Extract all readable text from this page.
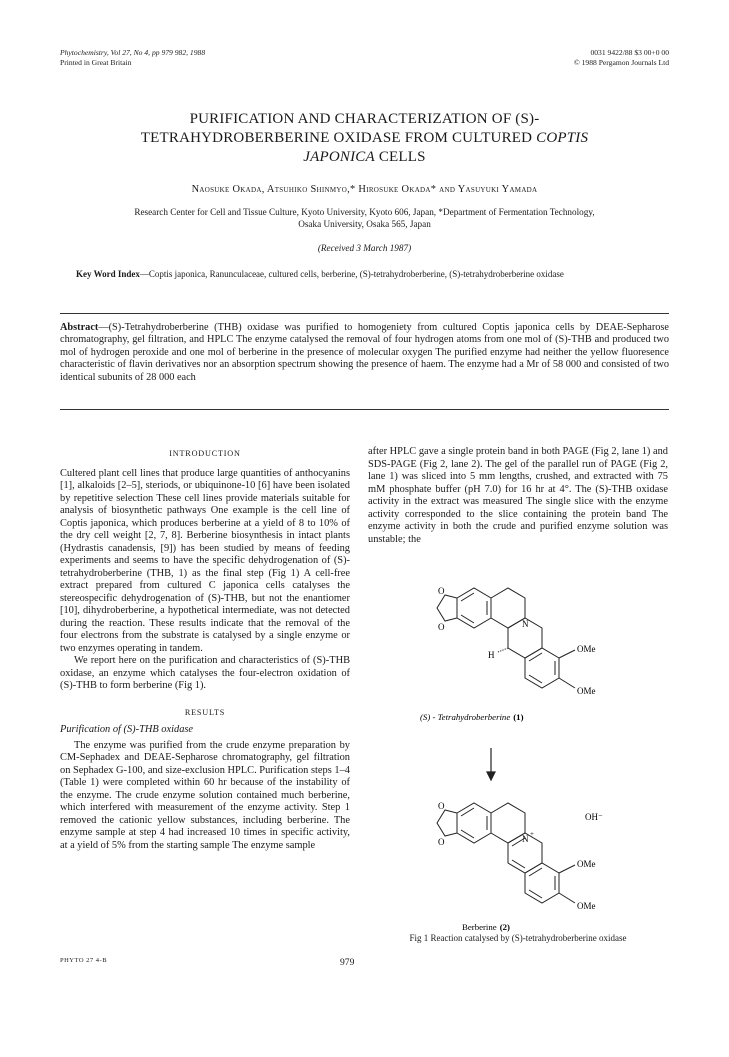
Phytochemistry, Vol 27, No 4, pp 979 982, 1988
Printed in Great Britain
0031 9422/88 $3 00+0 00
© 1988 Pergamon Journals Ltd
PURIFICATION AND CHARACTERIZATION OF (S)-
TETRAHYDROBERBERINE OXIDASE FROM CULTURED COPTIS
JAPONICA CELLS
Naosuke Okada, Atsuhiko Shinmyo,* Hirosuke Okada* and Yasuyuki Yamada
Research Center for Cell and Tissue Culture, Kyoto University, Kyoto 606, Japan, *Department of Fermentation Technology,
Osaka University, Osaka 565, Japan
(Received 3 March 1987)
Key Word Index—Coptis japonica, Ranunculaceae, cultured cells, berberine, (S)-tetrahydroberberine, (S)-tetrahydroberberine oxidase
Abstract—(S)-Tetrahydroberberine (THB) oxidase was purified to homogeniety from cultured Coptis japonica cells by DEAE-Sepharose chromatography, gel filtration, and HPLC The enzyme catalysed the removal of four hydrogen atoms from one mol of (S)-THB and produced two mol of hydrogen peroxide and one mol of berberine in the presence of molecular oxygen The purified enzyme had neither the yellow fluoresence characteristic of flavin derivatives nor an absorption spectrum showing the presence of haem. The enzyme had a Mr of 58 000 and consisted of two identical subunits of 28 000 each
INTRODUCTION

Cultered plant cell lines that produce large quantities of anthocyanins [1], alkaloids [2–5], steriods, or ubiquinone-10 [6] have been isolated by repetitive selection These cell lines provide materials suitable for analysis of biosynthetic pathways One example is the cell line of Coptis japonica, which produces berberine at a yield of 8 to 10% of the dry cell weight [2, 7, 8]. Berberine biosynthesis in intact plants (Hydrastis canadensis, [9]) has been studied by means of feeding experiments and seems to have the specific dehydrogenation of (S)-tetrahydroberberine (THB, 1) as the final step (Fig 1) A cell-free extract prepared from cultured C japonica cells catalyses the stereospecific dehydrogenation of (S)-THB, but not the enantiomer [10], dihydroberberine, a hypothetical intermediate, was not detected during the reaction. These results indicate that the removal of the four electrons from the substrate is catalysed by a single enzyme or two enzymes operating in tandem.

We report here on the purification and characteristics of (S)-THB oxidase, an enzyme which catalyses the four-electron oxidation of (S)-THB to form berberine (Fig 1).

RESULTS
Purification of (S)-THB oxidase

The enzyme was purified from the crude enzyme preparation by CM-Sephadex and DEAE-Sepharose chromatography, gel filtration on Sephadex G-100, and size-exclusion HPLC. Purification steps 1–4 (Table 1) were completed within 60 hr because of the instability of the enzyme. The crude enzyme solution contained much berberine, which interfered with measurement of the enzyme activity. Step 1 removed the cationic yellow substances, including berberine. The enzyme sample at step 4 had increased 10 times in specific activity, at a yield of 5% from the starting sample The enzyme sample

after HPLC gave a single protein band in both PAGE (Fig 2, lane 1) and SDS-PAGE (Fig 2, lane 2). The gel of the parallel run of PAGE (Fig 2, lane 1) was sliced into 5 mm lengths, crushed, and extracted with 75 mM phosphate buffer (pH 7.0) for 16 hr at 4°. The (S)-THB oxidase activity in the extract was measured The single slice with the enzyme activity corresponded to the slice containing the protein band The enzyme activity in both the crude and purified enzyme solution was unstable; the

O
O	N
H
OMe
OMe
(S) - Tetrahydroberberine (1)
O
O	N +
OH⁻
OMe
OMe
Berberine (2)
Fig 1 Reaction catalysed by (S)-tetrahydroberberine oxidase
PHYTO 27 4-B	979
